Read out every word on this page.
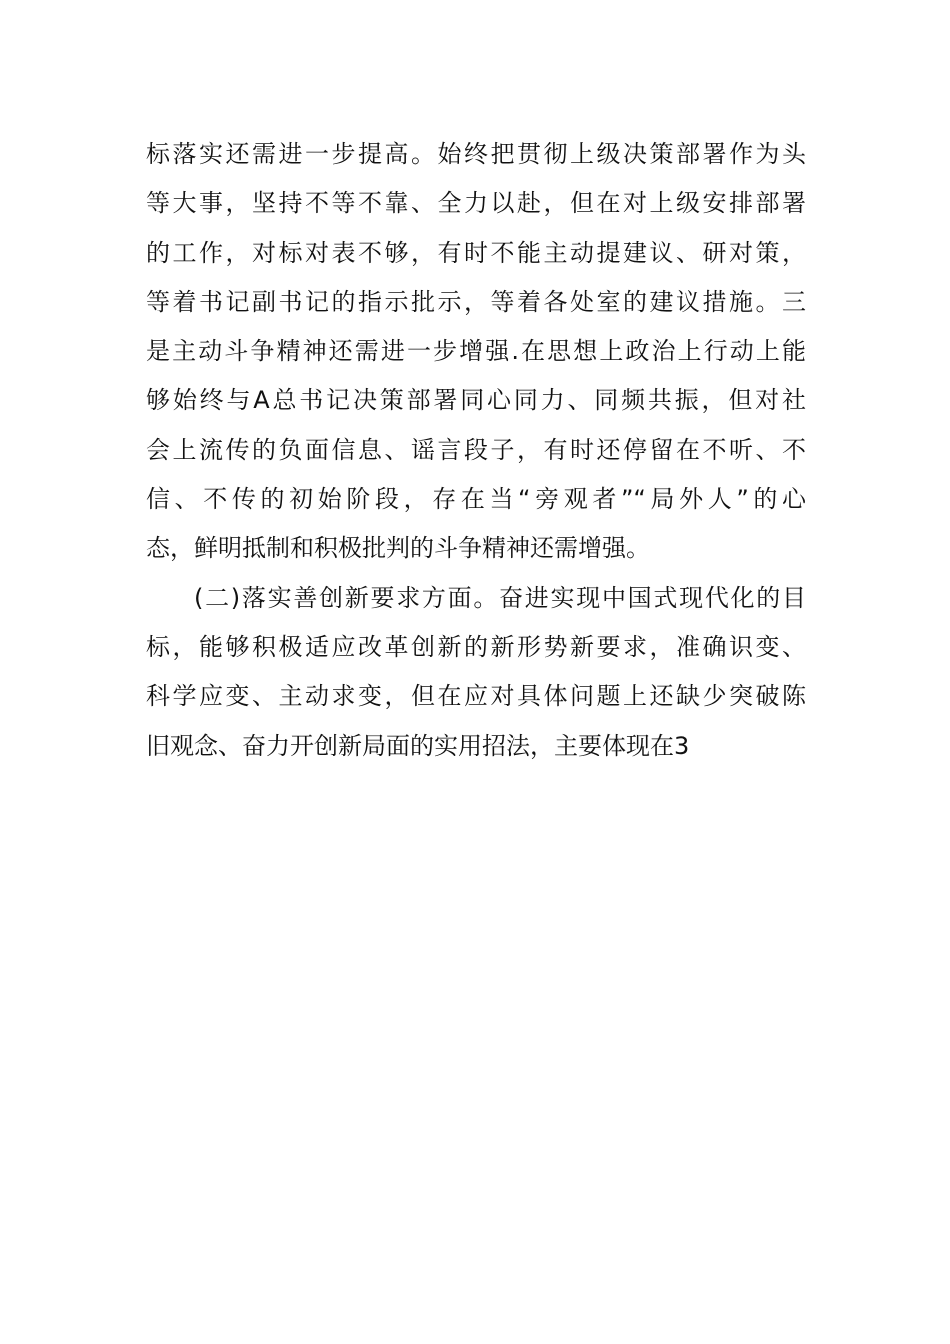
标落实还需进一步提高。始终把贯彻上级决策部署作为头
等大事，坚持不等不靠、全力以赴，但在对上级安排部署
的工作，对标对表不够，有时不能主动提建议、研对策，
等着书记副书记的指示批示，等着各处室的建议措施。三
是主动斗争精神还需进一步增强.在思想上政治上行动上能
够始终与A总书记决策部署同心同力、同频共振，但对社
会上流传的负面信息、谣言段子，有时还停留在不听、不
信、不传的初始阶段，存在当“旁观者”“局外人”的心
态，鲜明抵制和积极批判的斗争精神还需增强。
(二)落实善创新要求方面。奋进实现中国式现代化的目
标，能够积极适应改革创新的新形势新要求，准确识变、
科学应变、主动求变，但在应对具体问题上还缺少突破陈
旧观念、奋力开创新局面的实用招法，主要体现在3
